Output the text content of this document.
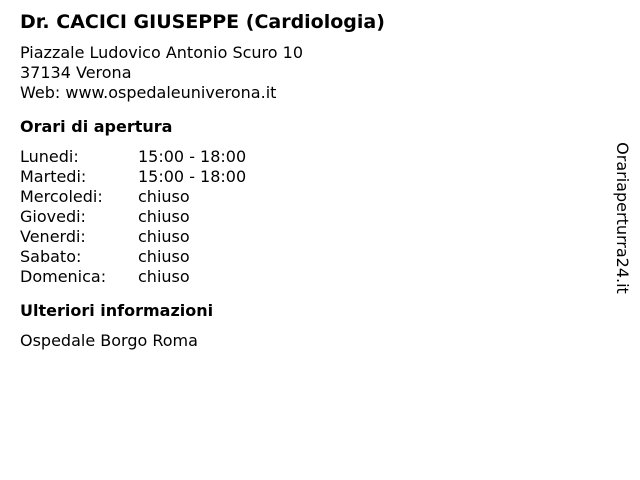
Dr. CACICI GIUSEPPE (Cardiologia)
Piazzale Ludovico Antonio Scuro 10
37134 Verona
Web: www.ospedaleuniverona.it
Orari di apertura
Lunedi:	15:00 - 18:00
Martedi:	15:00 - 18:00
Mercoledi:	chiuso
Giovedi:	chiuso
Venerdi:	chiuso
Sabato:	chiuso
Domenica:	chiuso
Ulteriori informazioni
Ospedale Borgo Roma
Orariaperturra24.it
